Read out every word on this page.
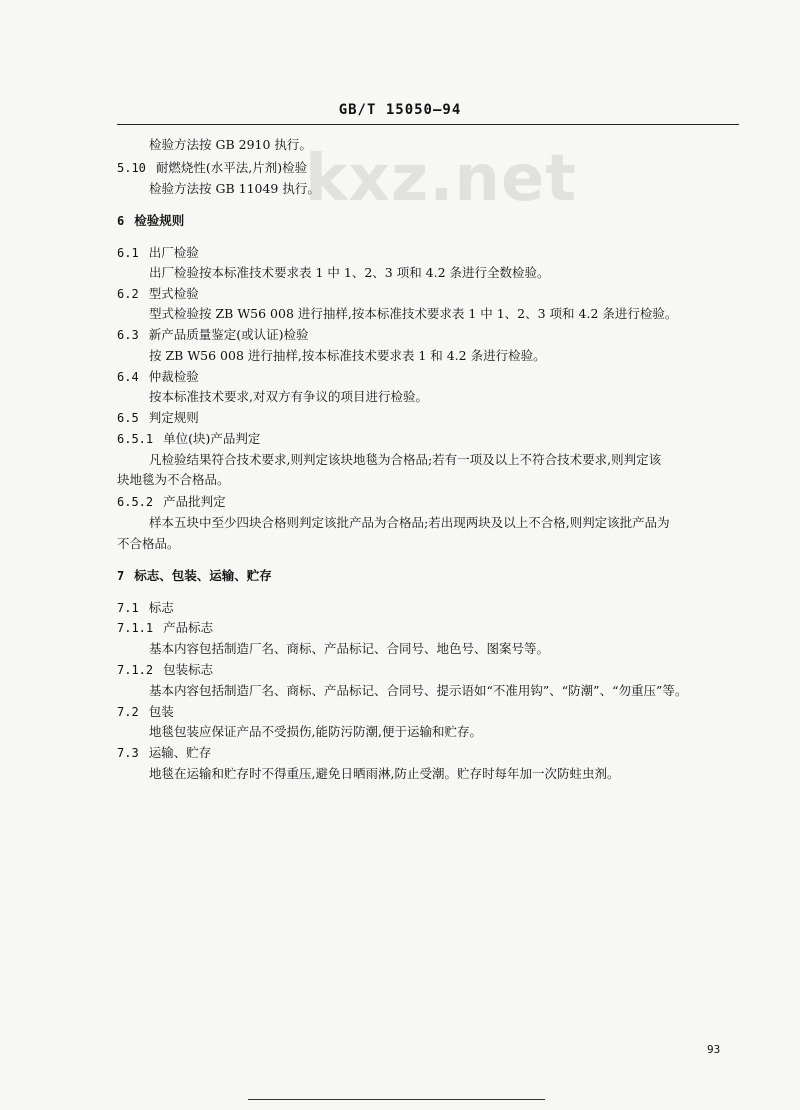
GB/T 15050—94
kxz.net
检验方法按 GB 2910 执行。
5.10 耐燃烧性(水平法,片剂)检验
检验方法按 GB 11049 执行。
6 检验规则
6.1 出厂检验
出厂检验按本标准技术要求表 1 中 1、2、3 项和 4.2 条进行全数检验。
6.2 型式检验
型式检验按 ZB W56 008 进行抽样,按本标准技术要求表 1 中 1、2、3 项和 4.2 条进行检验。
6.3 新产品质量鉴定(或认证)检验
按 ZB W56 008 进行抽样,按本标准技术要求表 1 和 4.2 条进行检验。
6.4 仲裁检验
按本标准技术要求,对双方有争议的项目进行检验。
6.5 判定规则
6.5.1 单位(块)产品判定
凡检验结果符合技术要求,则判定该块地毯为合格品;若有一项及以上不符合技术要求,则判定该
块地毯为不合格品。
6.5.2 产品批判定
样本五块中至少四块合格则判定该批产品为合格品;若出现两块及以上不合格,则判定该批产品为
不合格品。
7 标志、包装、运输、贮存
7.1 标志
7.1.1 产品标志
基本内容包括制造厂名、商标、产品标记、合同号、地色号、图案号等。
7.1.2 包装标志
基本内容包括制造厂名、商标、产品标记、合同号、提示语如“不准用钩”、“防潮”、“勿重压”等。
7.2 包装
地毯包装应保证产品不受损伤,能防污防潮,便于运输和贮存。
7.3 运输、贮存
地毯在运输和贮存时不得重压,避免日晒雨淋,防止受潮。贮存时每年加一次防蛀虫剂。
93
